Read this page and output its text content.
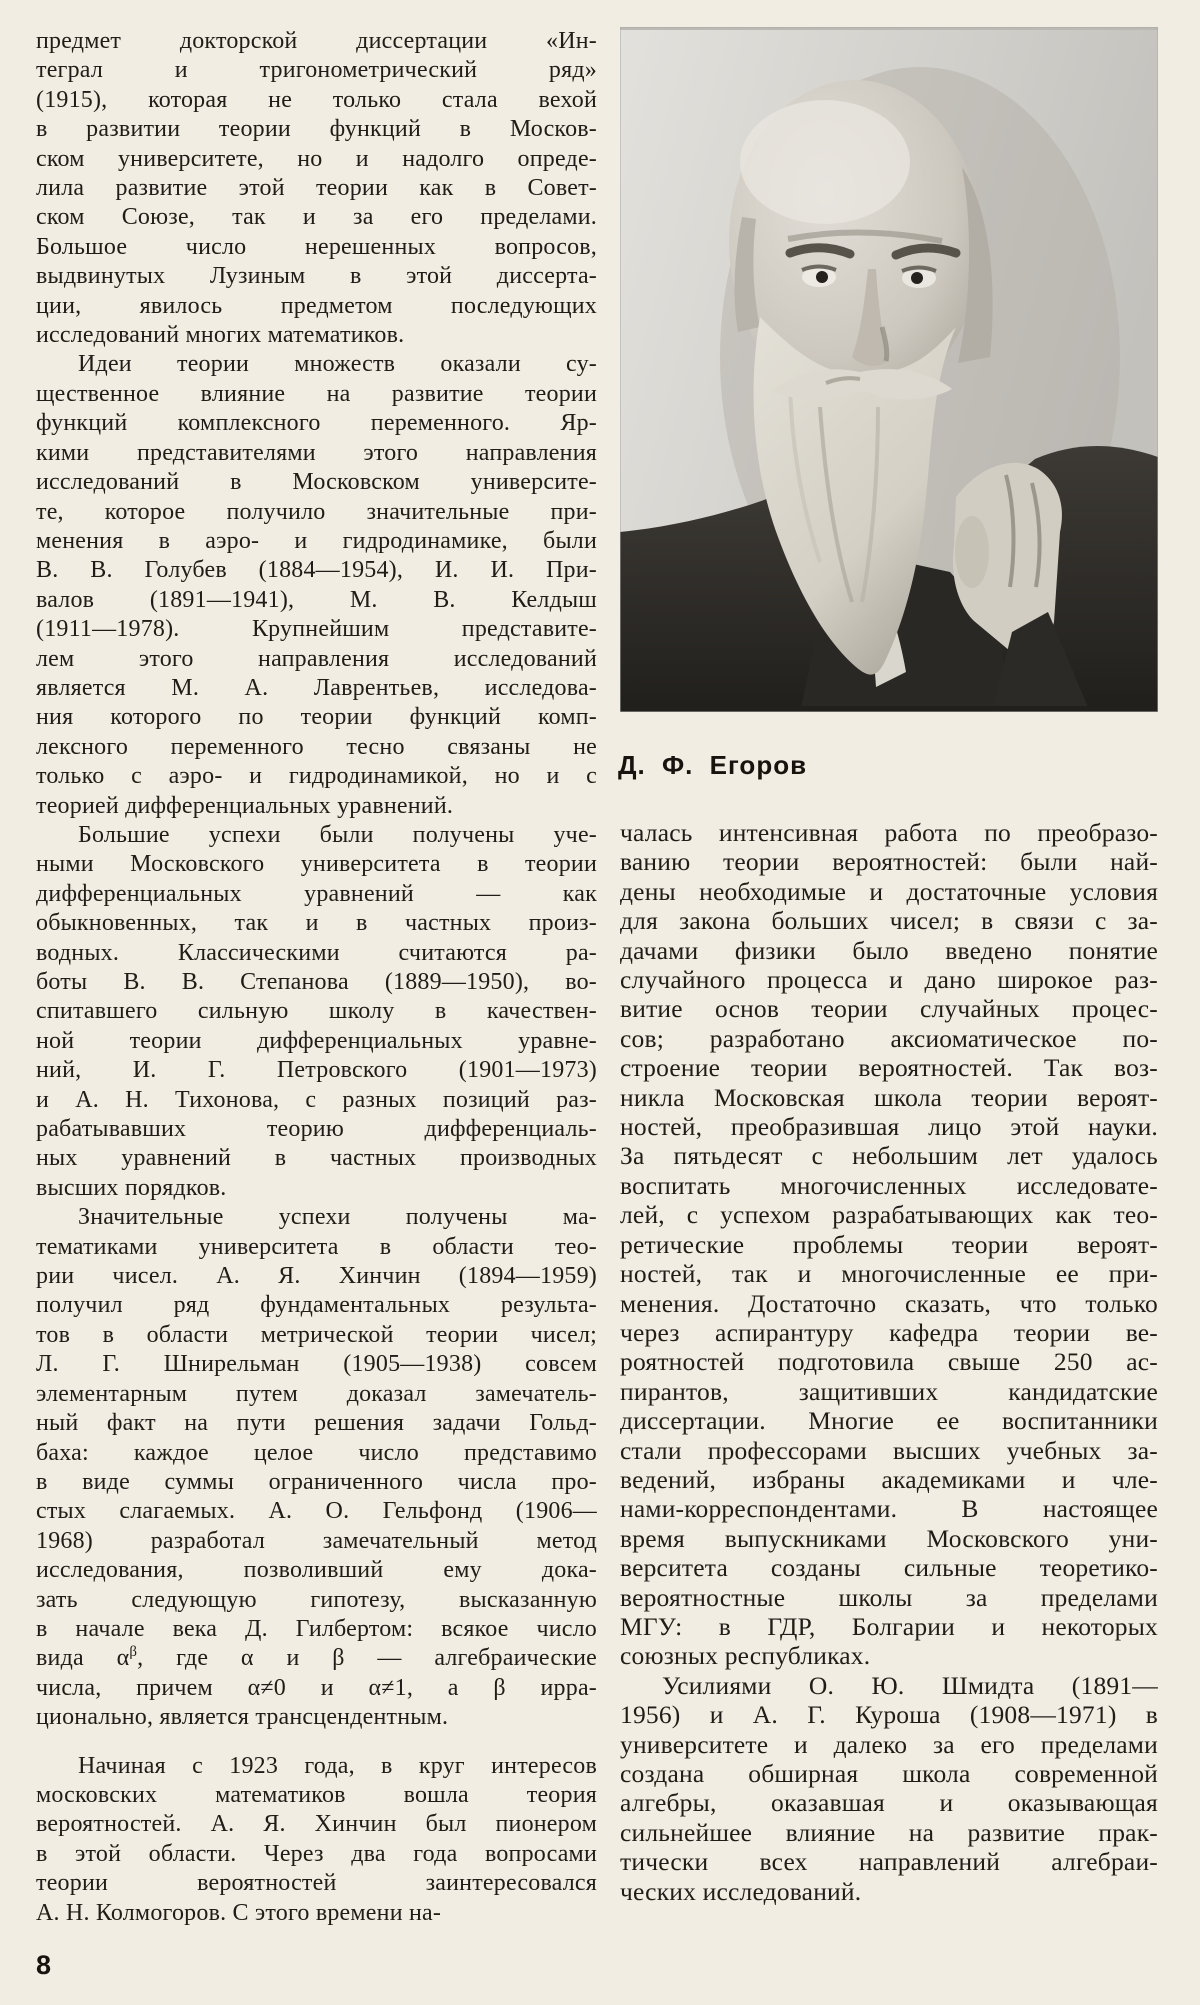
предмет докторской диссертации «Ин-
теграл и тригонометрический ряд»
(1915), которая не только стала вехой
в развитии теории функций в Москов-
ском университете, но и надолго опреде-
лила развитие этой теории как в Совет-
ском Союзе, так и за его пределами.
Большое число нерешенных вопросов,
выдвинутых Лузиным в этой диссерта-
ции, явилось предметом последующих
исследований многих математиков.
Идеи теории множеств оказали су-
щественное влияние на развитие теории
функций комплексного переменного. Яр-
кими представителями этого направления
исследований в Московском университе-
те, которое получило значительные при-
менения в аэро- и гидродинамике, были
В. В. Голубев (1884—1954), И. И. При-
валов (1891—1941), М. В. Келдыш
(1911—1978). Крупнейшим представите-
лем этого направления исследований
является М. А. Лаврентьев, исследова-
ния которого по теории функций комп-
лексного переменного тесно связаны не
только с аэро- и гидродинамикой, но и с
теорией дифференциальных уравнений.
Большие успехи были получены уче-
ными Московского университета в теории
дифференциальных уравнений — как
обыкновенных, так и в частных произ-
водных. Классическими считаются ра-
боты В. В. Степанова (1889—1950), во-
спитавшего сильную школу в качествен-
ной теории дифференциальных уравне-
ний, И. Г. Петровского (1901—1973)
и А. Н. Тихонова, с разных позиций раз-
рабатывавших теорию дифференциаль-
ных уравнений в частных производных
высших порядков.
Значительные успехи получены ма-
тематиками университета в области тео-
рии чисел. А. Я. Хинчин (1894—1959)
получил ряд фундаментальных результа-
тов в области метрической теории чисел;
Л. Г. Шнирельман (1905—1938) совсем
элементарным путем доказал замечатель-
ный факт на пути решения задачи Гольд-
баха: каждое целое число представимо
в виде суммы ограниченного числа про-
стых слагаемых. А. О. Гельфонд (1906—
1968) разработал замечательный метод
исследования, позволивший ему дока-
зать следующую гипотезу, высказанную
в начале века Д. Гилбертом: всякое число
вида $\alpha^\beta$, где α и β — алгебраические
числа, причем α≠0 и α≠1, а β ирра-
ционально, является трансцендентным.
Начиная с 1923 года, в круг интересов
московских математиков вошла теория
вероятностей. А. Я. Хинчин был пионером
в этой области. Через два года вопросами
теории вероятностей заинтересовался
А. Н. Колмогоров. С этого времени на-
Д. Ф. Егоров
чалась интенсивная работа по преобразо-
ванию теории вероятностей: были най-
дены необходимые и достаточные условия
для закона больших чисел; в связи с за-
дачами физики было введено понятие
случайного процесса и дано широкое раз-
витие основ теории случайных процес-
сов; разработано аксиоматическое по-
строение теории вероятностей. Так воз-
никла Московская школа теории вероят-
ностей, преобразившая лицо этой науки.
За пятьдесят с небольшим лет удалось
воспитать многочисленных исследовате-
лей, с успехом разрабатывающих как тео-
ретические проблемы теории вероят-
ностей, так и многочисленные ее при-
менения. Достаточно сказать, что только
через аспирантуру кафедра теории ве-
роятностей подготовила свыше 250 ас-
пирантов, защитивших кандидатские
диссертации. Многие ее воспитанники
стали профессорами высших учебных за-
ведений, избраны академиками и чле-
нами-корреспондентами. В настоящее
время выпускниками Московского уни-
верситета созданы сильные теоретико-
вероятностные школы за пределами
МГУ: в ГДР, Болгарии и некоторых
союзных республиках.
Усилиями О. Ю. Шмидта (1891—
1956) и А. Г. Куроша (1908—1971) в
университете и далеко за его пределами
создана обширная школа современной
алгебры, оказавшая и оказывающая
сильнейшее влияние на развитие прак-
тически всех направлений алгебраи-
ческих исследований.
8
